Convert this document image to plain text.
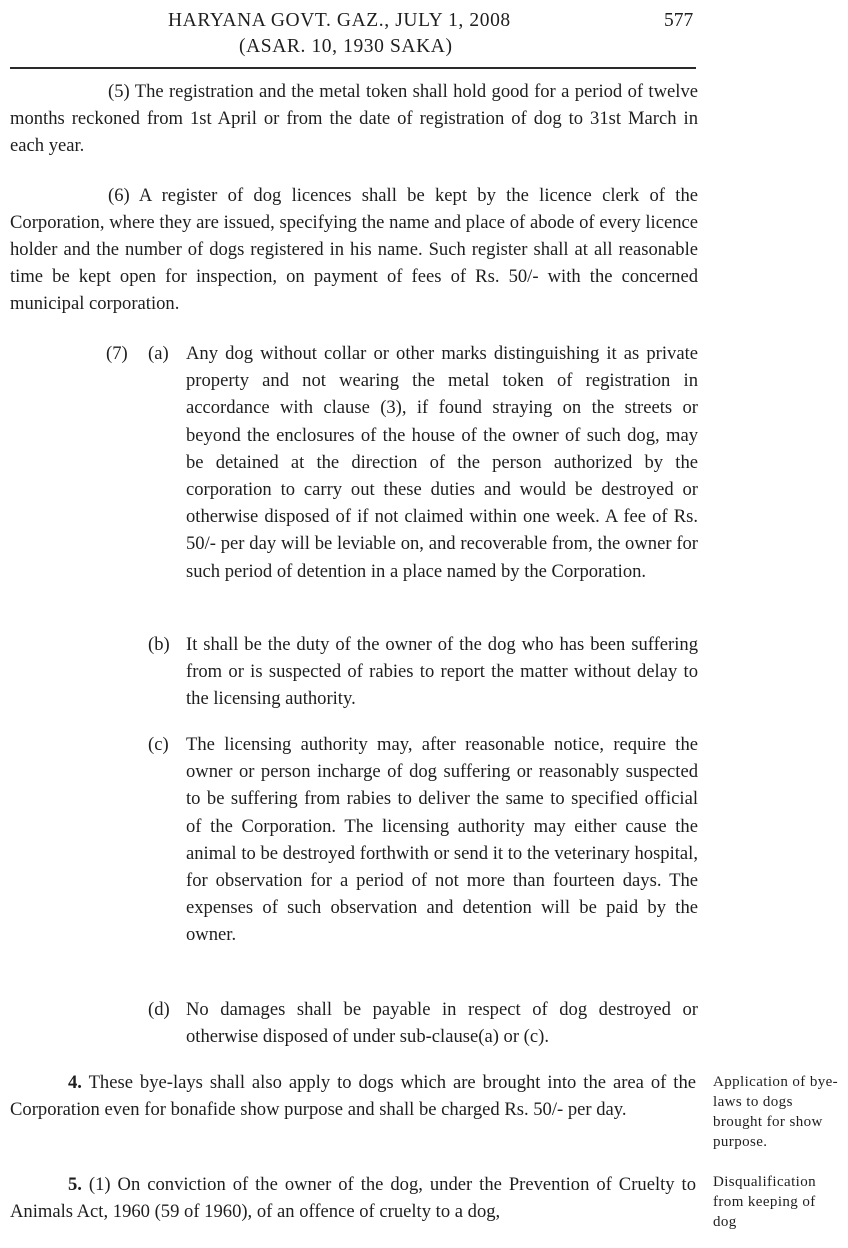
HARYANA GOVT. GAZ., JULY 1, 2008
(ASAR. 10, 1930 SAKA)
577

(5) The registration and the metal token shall hold good for a period of twelve months reckoned from 1st April or from the date of registration of dog to 31st March in each year.

(6) A register of dog licences shall be kept by the licence clerk of the Corporation, where they are issued, specifying the name and place of abode of every licence holder and the number of dogs registered in his name. Such register shall at all reasonable time be kept open for inspection, on payment of fees of Rs. 50/- with the concerned municipal corporation.

(7) (a) Any dog without collar or other marks distinguishing it as private property and not wearing the metal token of registration in accordance with clause (3), if found straying on the streets or beyond the enclosures of the house of the owner of such dog, may be detained at the direction of the person authorized by the corporation to carry out these duties and would be destroyed or otherwise disposed of if not claimed within one week. A fee of Rs. 50/- per day will be leviable on, and recoverable from, the owner for such period of detention in a place named by the Corporation.

(b) It shall be the duty of the owner of the dog who has been suffering from or is suspected of rabies to report the matter without delay to the licensing authority.

(c) The licensing authority may, after reasonable notice, require the owner or person incharge of dog suffering or reasonably suspected to be suffering from rabies to deliver the same to specified official of the Corporation. The licensing authority may either cause the animal to be destroyed forthwith or send it to the veterinary hospital, for observation for a period of not more than fourteen days. The expenses of such observation and detention will be paid by the owner.

(d) No damages shall be payable in respect of dog destroyed or otherwise disposed of under sub-clause(a) or (c).

4. These bye-lays shall also apply to dogs which are brought into the area of the Corporation even for bonafide show purpose and shall be charged Rs. 50/- per day.

Application of bye-laws to dogs brought for show purpose.

5. (1) On conviction of the owner of the dog, under the Prevention of Cruelty to Animals Act, 1960 (59 of 1960), of an offence of cruelty to a dog,

Disqualification from keeping of dog
